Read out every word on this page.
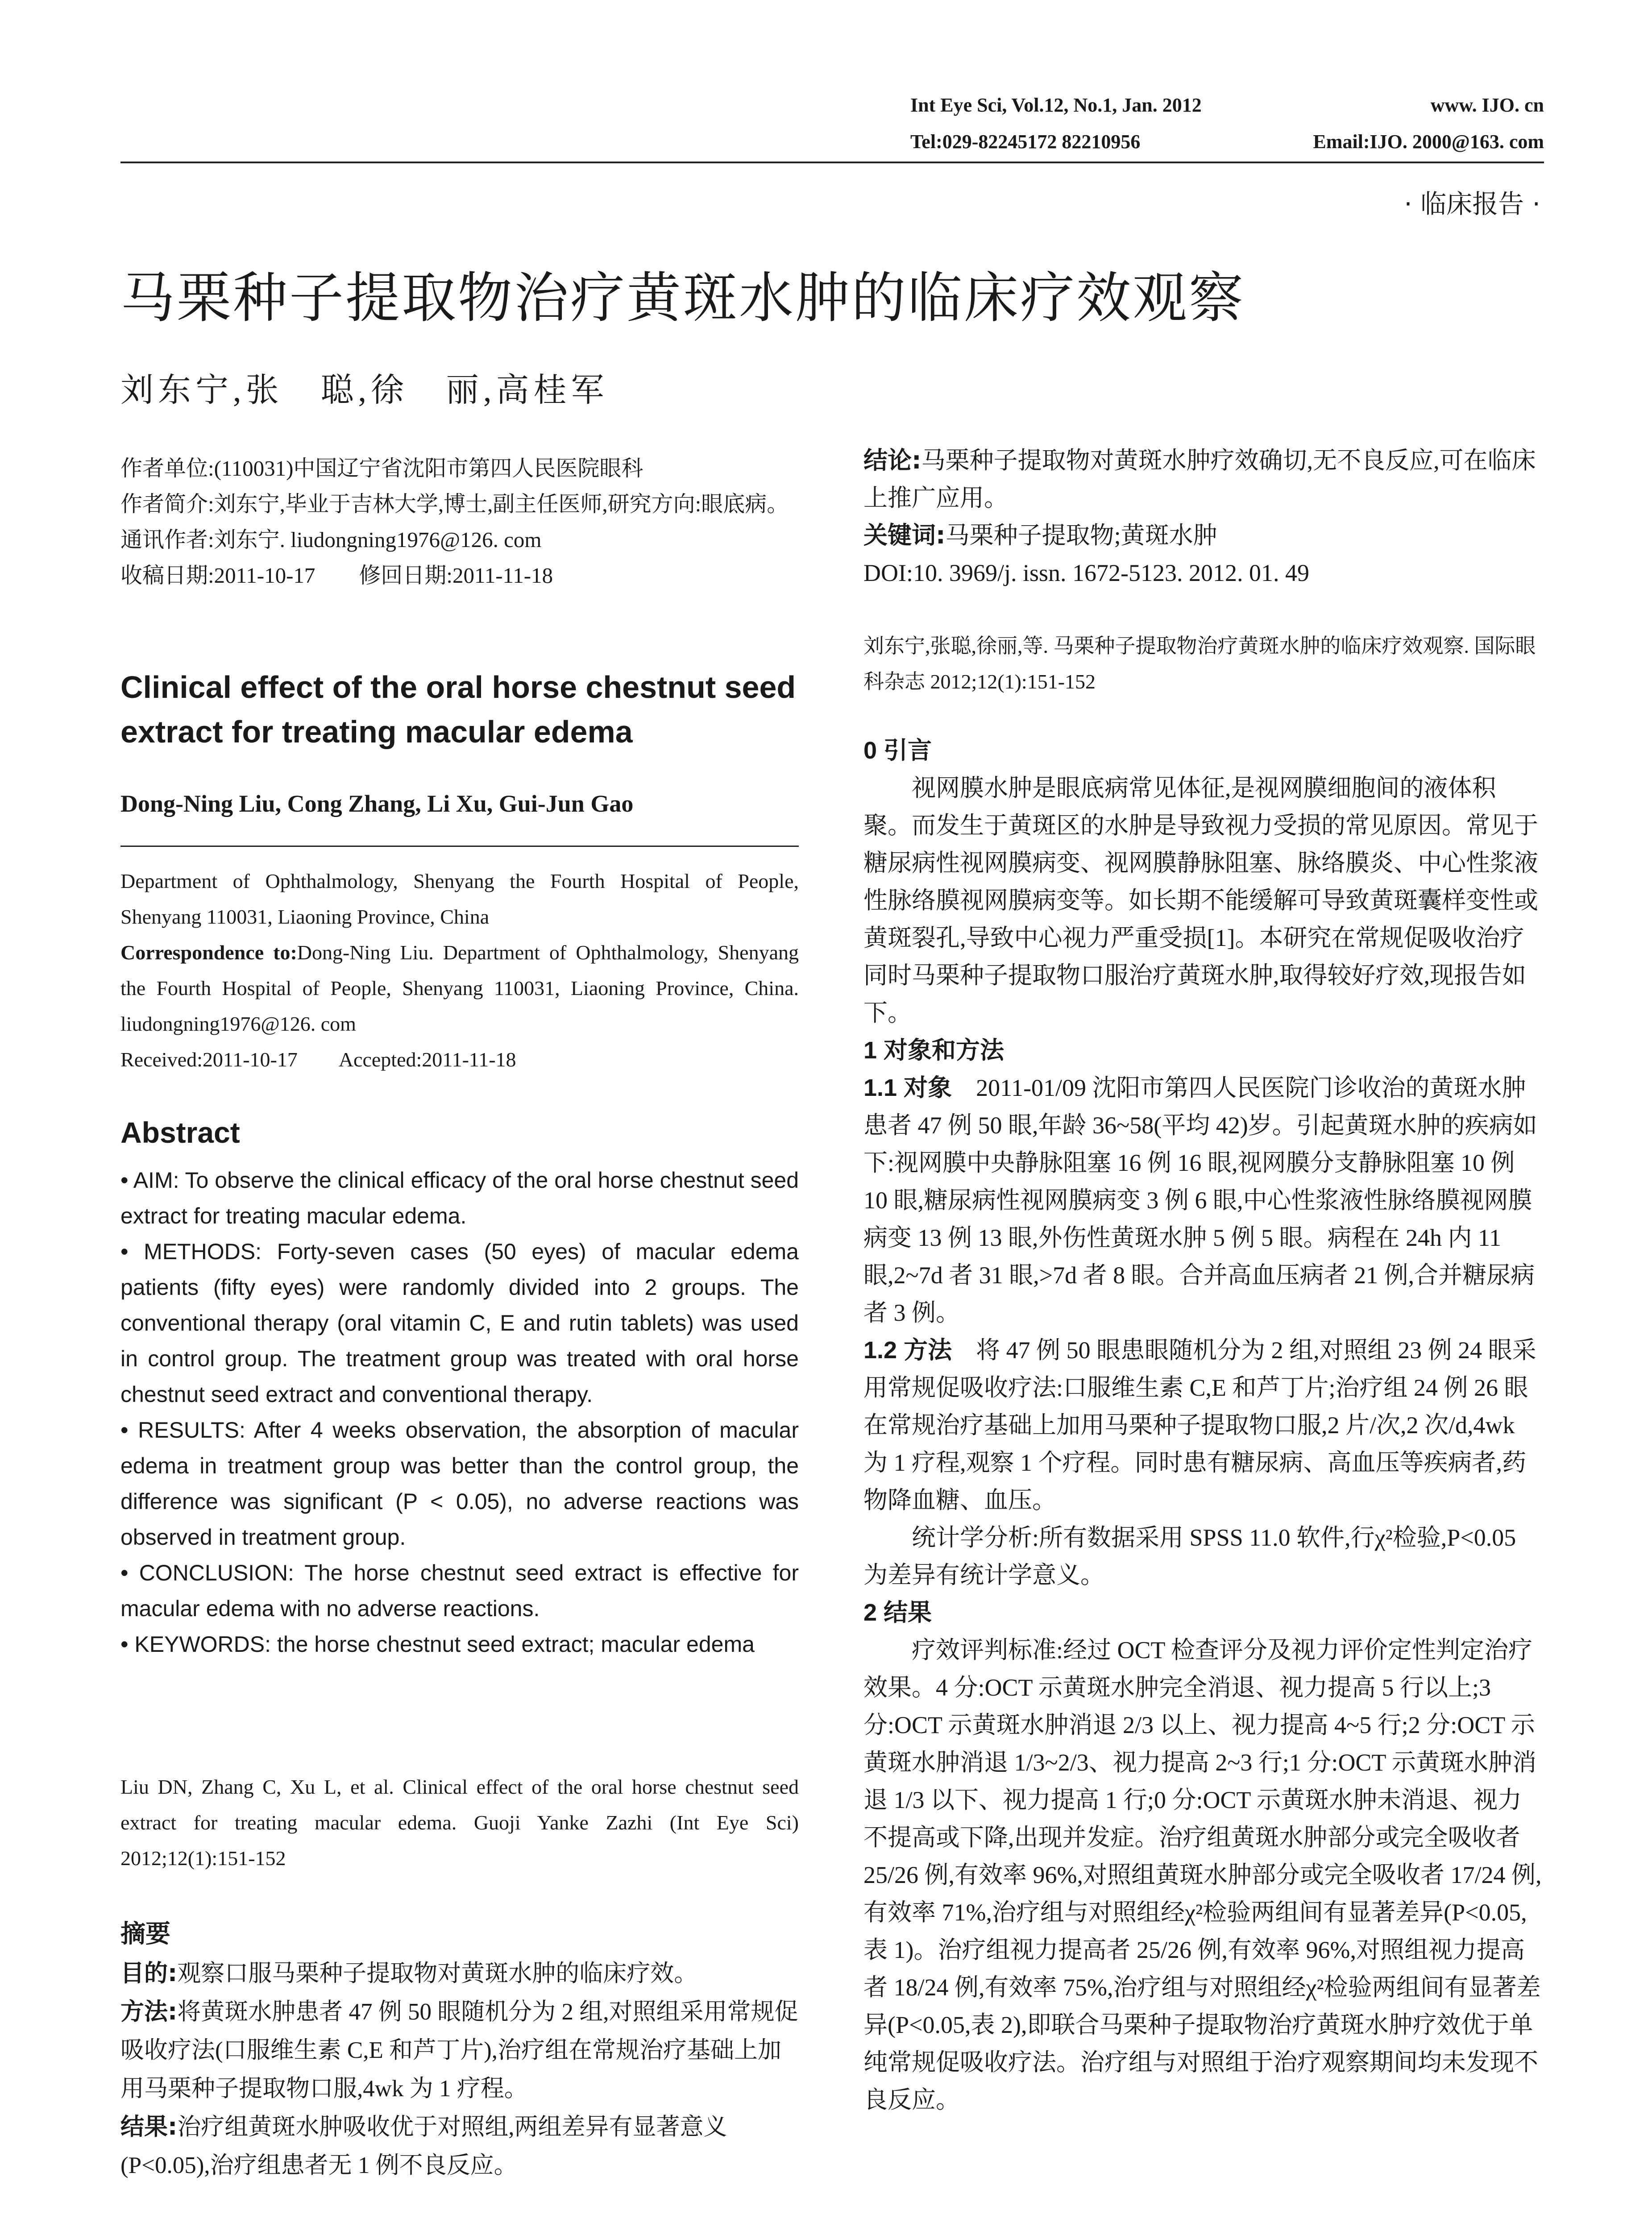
Int Eye Sci, Vol.12, No.1, Jan. 2012	www. IJO. cn
Tel:029-82245172 82210956	Email:IJO. 2000@163. com
· 临床报告 ·
马栗种子提取物治疗黄斑水肿的临床疗效观察
刘东宁,张　聪,徐　丽,高桂军

作者单位:(110031)中国辽宁省沈阳市第四人民医院眼科

作者简介:刘东宁,毕业于吉林大学,博士,副主任医师,研究方向:眼底病。

通讯作者:刘东宁. liudongning1976@126. com

收稿日期:2011-10-17　　修回日期:2011-11-18

Clinical effect of the oral horse chestnut seed extract for treating macular edema
Dong-Ning Liu, Cong Zhang, Li Xu, Gui-Jun Gao

Department of Ophthalmology, Shenyang the Fourth Hospital of People, Shenyang 110031, Liaoning Province, China

Correspondence to:Dong-Ning Liu. Department of Ophthalmology, Shenyang the Fourth Hospital of People, Shenyang 110031, Liaoning Province, China. liudongning1976@126. com

Received:2011-10-17　　Accepted:2011-11-18

Abstract

• AIM: To observe the clinical efficacy of the oral horse chestnut seed extract for treating macular edema.

• METHODS: Forty-seven cases (50 eyes) of macular edema patients (fifty eyes) were randomly divided into 2 groups. The conventional therapy (oral vitamin C, E and rutin tablets) was used in control group. The treatment group was treated with oral horse chestnut seed extract and conventional therapy.

• RESULTS: After 4 weeks observation, the absorption of macular edema in treatment group was better than the control group, the difference was significant (P < 0.05), no adverse reactions was observed in treatment group.

• CONCLUSION: The horse chestnut seed extract is effective for macular edema with no adverse reactions.

• KEYWORDS: the horse chestnut seed extract; macular edema

Liu DN, Zhang C, Xu L, et al. Clinical effect of the oral horse chestnut seed extract for treating macular edema. Guoji Yanke Zazhi (Int Eye Sci) 2012;12(1):151-152
摘要

目的:观察口服马栗种子提取物对黄斑水肿的临床疗效。

方法:将黄斑水肿患者 47 例 50 眼随机分为 2 组,对照组采用常规促吸收疗法(口服维生素 C,E 和芦丁片),治疗组在常规治疗基础上加用马栗种子提取物口服,4wk 为 1 疗程。

结果:治疗组黄斑水肿吸收优于对照组,两组差异有显著意义(P<0.05),治疗组患者无 1 例不良反应。

结论:马栗种子提取物对黄斑水肿疗效确切,无不良反应,可在临床上推广应用。

关键词:马栗种子提取物;黄斑水肿

DOI:10. 3969/j. issn. 1672-5123. 2012. 01. 49

刘东宁,张聪,徐丽,等. 马栗种子提取物治疗黄斑水肿的临床疗效观察. 国际眼科杂志 2012;12(1):151-152

0 引言

视网膜水肿是眼底病常见体征,是视网膜细胞间的液体积聚。而发生于黄斑区的水肿是导致视力受损的常见原因。常见于糖尿病性视网膜病变、视网膜静脉阻塞、脉络膜炎、中心性浆液性脉络膜视网膜病变等。如长期不能缓解可导致黄斑囊样变性或黄斑裂孔,导致中心视力严重受损[1]。本研究在常规促吸收治疗同时马栗种子提取物口服治疗黄斑水肿,取得较好疗效,现报告如下。

1 对象和方法

1.1 对象　2011-01/09 沈阳市第四人民医院门诊收治的黄斑水肿患者 47 例 50 眼,年龄 36~58(平均 42)岁。引起黄斑水肿的疾病如下:视网膜中央静脉阻塞 16 例 16 眼,视网膜分支静脉阻塞 10 例 10 眼,糖尿病性视网膜病变 3 例 6 眼,中心性浆液性脉络膜视网膜病变 13 例 13 眼,外伤性黄斑水肿 5 例 5 眼。病程在 24h 内 11 眼,2~7d 者 31 眼,>7d 者 8 眼。合并高血压病者 21 例,合并糖尿病者 3 例。

1.2 方法　将 47 例 50 眼患眼随机分为 2 组,对照组 23 例 24 眼采用常规促吸收疗法:口服维生素 C,E 和芦丁片;治疗组 24 例 26 眼在常规治疗基础上加用马栗种子提取物口服,2 片/次,2 次/d,4wk 为 1 疗程,观察 1 个疗程。同时患有糖尿病、高血压等疾病者,药物降血糖、血压。

统计学分析:所有数据采用 SPSS 11.0 软件,行χ²检验,P<0.05 为差异有统计学意义。

2 结果

疗效评判标准:经过 OCT 检查评分及视力评价定性判定治疗效果。4 分:OCT 示黄斑水肿完全消退、视力提高 5 行以上;3 分:OCT 示黄斑水肿消退 2/3 以上、视力提高 4~5 行;2 分:OCT 示黄斑水肿消退 1/3~2/3、视力提高 2~3 行;1 分:OCT 示黄斑水肿消退 1/3 以下、视力提高 1 行;0 分:OCT 示黄斑水肿未消退、视力不提高或下降,出现并发症。治疗组黄斑水肿部分或完全吸收者 25/26 例,有效率 96%,对照组黄斑水肿部分或完全吸收者 17/24 例,有效率 71%,治疗组与对照组经χ²检验两组间有显著差异(P<0.05,表 1)。治疗组视力提高者 25/26 例,有效率 96%,对照组视力提高者 18/24 例,有效率 75%,治疗组与对照组经χ²检验两组间有显著差异(P<0.05,表 2),即联合马栗种子提取物治疗黄斑水肿疗效优于单纯常规促吸收疗法。治疗组与对照组于治疗观察期间均未发现不良反应。
